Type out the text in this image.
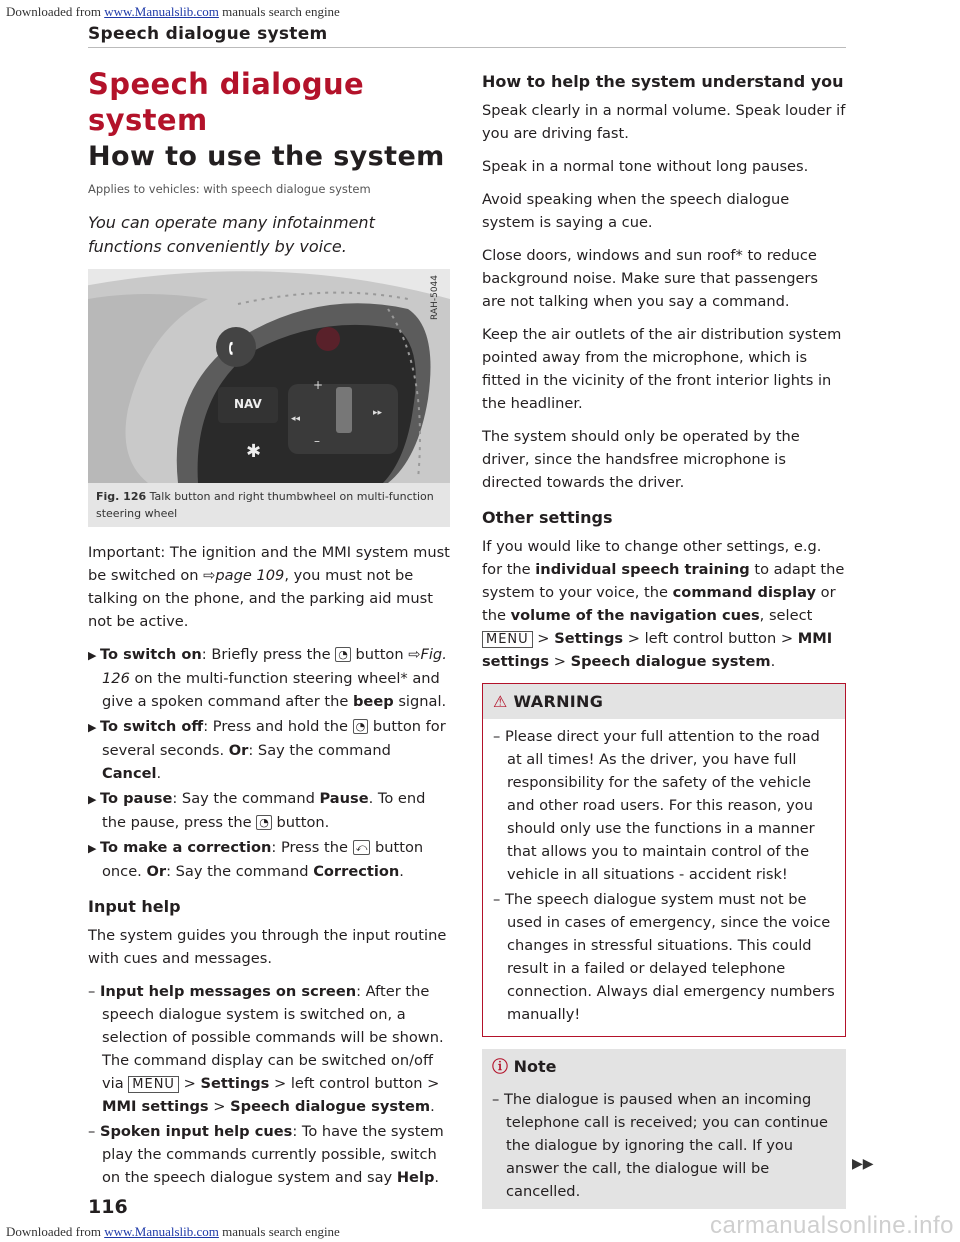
Downloaded from www.Manualslib.com manuals search engine
Speech dialogue system
Speech dialogue system
How to use the system
Applies to vehicles: with speech dialogue system
You can operate many infotainment functions conveniently by voice.
🕻
+
–
◂◂
▸▸
✱
RAH-5044
NAV
Fig. 126 Talk button and right thumbwheel on multi-function steering wheel

Important: The ignition and the MMI system must be switched on ⇨page 109, you must not be talking on the phone, and the parking aid must not be active.

▶ To switch on: Briefly press the ◔ button ⇨Fig. 126 on the multi-function steering wheel* and give a spoken command after the beep signal.
▶ To switch off: Press and hold the ◔ button for several seconds. Or: Say the command Cancel.
▶ To pause: Say the command Pause. To end the pause, press the ◔ button.
▶ To make a correction: Press the ⤺ button once. Or: Say the command Correction.
Input help

The system guides you through the input routine with cues and messages.

– Input help messages on screen: After the speech dialogue system is switched on, a selection of possible commands will be shown. The command display can be switched on/off via MENU > Settings > left control button > MMI settings > Speech dialogue system.
– Spoken input help cues: To have the system play the commands currently possible, switch on the speech dialogue system and say Help.
How to help the system understand you

Speak clearly in a normal volume. Speak louder if you are driving fast.

Speak in a normal tone without long pauses.

Avoid speaking when the speech dialogue system is saying a cue.

Close doors, windows and sun roof* to reduce background noise. Make sure that passengers are not talking when you say a command.

Keep the air outlets of the air distribution system pointed away from the microphone, which is fitted in the vicinity of the front interior lights in the headliner.

The system should only be operated by the driver, since the handsfree microphone is directed towards the driver.

Other settings

If you would like to change other settings, e.g. for the individual speech training to adapt the system to your voice, the command display or the volume of the navigation cues, select MENU > Settings > left control button > MMI settings > Speech dialogue system.

⚠ WARNING
– Please direct your full attention to the road at all times! As the driver, you have full responsibility for the safety of the vehicle and other road users. For this reason, you should only use the functions in a manner that allows you to maintain control of the vehicle in all situations - accident risk!
– The speech dialogue system must not be used in cases of emergency, since the voice changes in stressful situations. This could result in a failed or delayed telephone connection. Always dial emergency numbers manually!
ⓘ Note
– The dialogue is paused when an incoming telephone call is received; you can continue the dialogue by ignoring the call. If you answer the call, the dialogue will be cancelled.
▶▶
116
Downloaded from www.Manualslib.com manuals search engine	carmanualsonline.info
